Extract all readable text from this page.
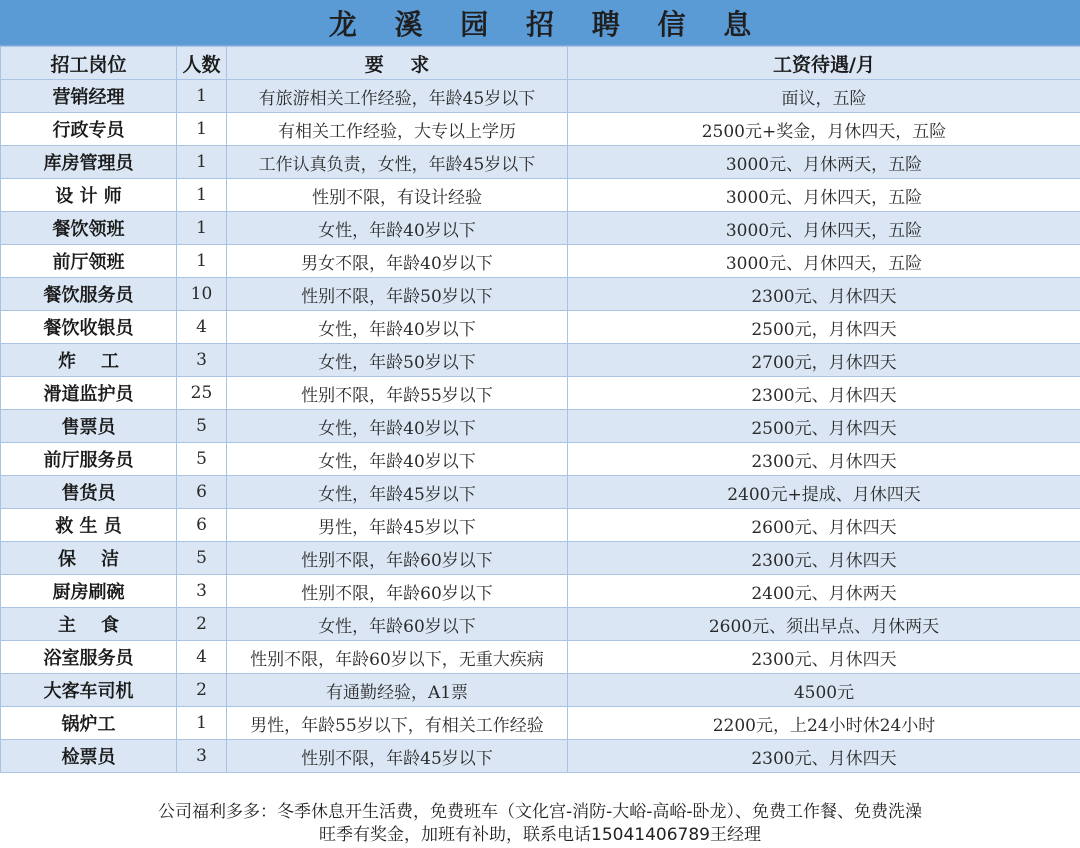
龙 溪 园 招 聘 信 息
招工岗位	人数	要    求	工资待遇/月
营销经理	1	有旅游相关工作经验，年龄45岁以下	面议，五险
行政专员	1	有相关工作经验，大专以上学历	2500元+奖金，月休四天，五险
库房管理员	1	工作认真负责，女性，年龄45岁以下	3000元、月休两天，五险
设 计 师	1	性别不限，有设计经验	3000元、月休四天，五险
餐饮领班	1	女性，年龄40岁以下	3000元、月休四天，五险
前厅领班	1	男女不限，年龄40岁以下	3000元、月休四天，五险
餐饮服务员	10	性别不限，年龄50岁以下	2300元、月休四天
餐饮收银员	4	女性，年龄40岁以下	2500元，月休四天
炸    工	3	女性，年龄50岁以下	2700元，月休四天
滑道监护员	25	性别不限，年龄55岁以下	2300元、月休四天
售票员	5	女性，年龄40岁以下	2500元、月休四天
前厅服务员	5	女性，年龄40岁以下	2300元、月休四天
售货员	6	女性，年龄45岁以下	2400元+提成、月休四天
救 生 员	6	男性，年龄45岁以下	2600元、月休四天
保    洁	5	性别不限，年龄60岁以下	2300元、月休四天
厨房刷碗	3	性别不限，年龄60岁以下	2400元、月休两天
主    食	2	女性，年龄60岁以下	2600元、须出早点、月休两天
浴室服务员	4	性别不限，年龄60岁以下，无重大疾病	2300元、月休四天
大客车司机	2	有通勤经验，A1票	4500元
锅炉工	1	男性，年龄55岁以下，有相关工作经验	2200元，上24小时休24小时
检票员	3	性别不限，年龄45岁以下	2300元、月休四天
公司福利多多：冬季休息开生活费，免费班车（文化宫-消防-大峪-高峪-卧龙）、免费工作餐、免费洗澡
旺季有奖金，加班有补助，联系电话15041406789王经理
